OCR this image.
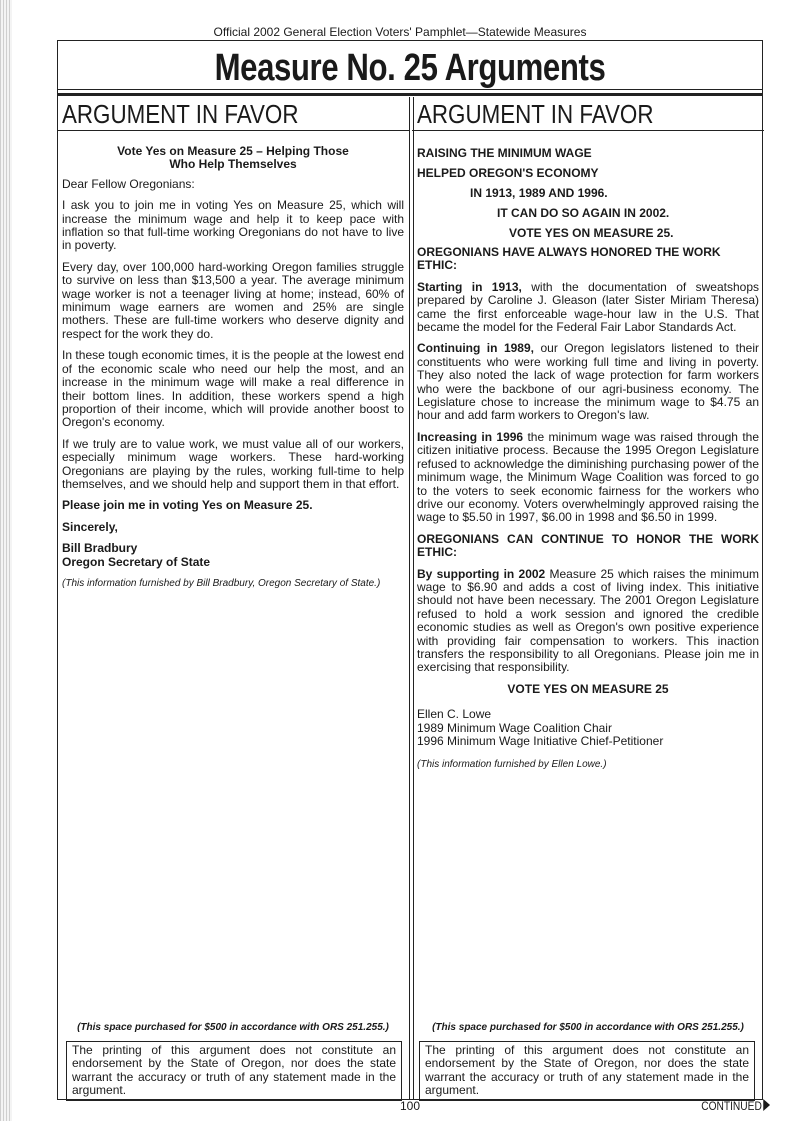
Official 2002 General Election Voters' Pamphlet—Statewide Measures
Measure No. 25 Arguments
ARGUMENT IN FAVOR
Vote Yes on Measure 25 – Helping Those
Who Help Themselves

Dear Fellow Oregonians:

I ask you to join me in voting Yes on Measure 25, which will increase the minimum wage and help it to keep pace with inflation so that full-time working Oregonians do not have to live in poverty.

Every day, over 100,000 hard-working Oregon families struggle to survive on less than $13,500 a year. The average minimum wage worker is not a teenager living at home; instead, 60% of minimum wage earners are women and 25% are single mothers. These are full-time workers who deserve dignity and respect for the work they do.

In these tough economic times, it is the people at the lowest end of the economic scale who need our help the most, and an increase in the minimum wage will make a real difference in their bottom lines. In addition, these workers spend a high proportion of their income, which will provide another boost to Oregon's economy.

If we truly are to value work, we must value all of our workers, especially minimum wage workers. These hard-working Oregonians are playing by the rules, working full-time to help themselves, and we should help and support them in that effort.

Please join me in voting Yes on Measure 25.

Sincerely,

Bill Bradbury
Oregon Secretary of State
(This information furnished by Bill Bradbury, Oregon Secretary of State.)
ARGUMENT IN FAVOR
RAISING THE MINIMUM WAGE
HELPED OREGON'S ECONOMY
IN 1913, 1989 AND 1996.
IT CAN DO SO AGAIN IN 2002.
VOTE YES ON MEASURE 25.

OREGONIANS HAVE ALWAYS HONORED THE WORK ETHIC:

Starting in 1913, with the documentation of sweatshops prepared by Caroline J. Gleason (later Sister Miriam Theresa) came the first enforceable wage-hour law in the U.S. That became the model for the Federal Fair Labor Standards Act.

Continuing in 1989, our Oregon legislators listened to their constituents who were working full time and living in poverty. They also noted the lack of wage protection for farm workers who were the backbone of our agri-business economy. The Legislature chose to increase the minimum wage to $4.75 an hour and add farm workers to Oregon's law.

Increasing in 1996 the minimum wage was raised through the citizen initiative process. Because the 1995 Oregon Legislature refused to acknowledge the diminishing purchasing power of the minimum wage, the Minimum Wage Coalition was forced to go to the voters to seek economic fairness for the workers who drive our economy. Voters overwhelmingly approved raising the wage to $5.50 in 1997, $6.00 in 1998 and $6.50 in 1999.

OREGONIANS CAN CONTINUE TO HONOR THE WORK ETHIC:

By supporting in 2002 Measure 25 which raises the minimum wage to $6.90 and adds a cost of living index. This initiative should not have been necessary. The 2001 Oregon Legislature refused to hold a work session and ignored the credible economic studies as well as Oregon's own positive experience with providing fair compensation to workers. This inaction transfers the responsibility to all Oregonians. Please join me in exercising that responsibility.

VOTE YES ON MEASURE 25

Ellen C. Lowe
1989 Minimum Wage Coalition Chair
1996 Minimum Wage Initiative Chief-Petitioner
(This information furnished by Ellen Lowe.)
(This space purchased for $500 in accordance with ORS 251.255.)	(This space purchased for $500 in accordance with ORS 251.255.)
The printing of this argument does not constitute an endorsement by the State of Oregon, nor does the state warrant the accuracy or truth of any statement made in the argument.
The printing of this argument does not constitute an endorsement by the State of Oregon, nor does the state warrant the accuracy or truth of any statement made in the argument.
100	CONTINUED
